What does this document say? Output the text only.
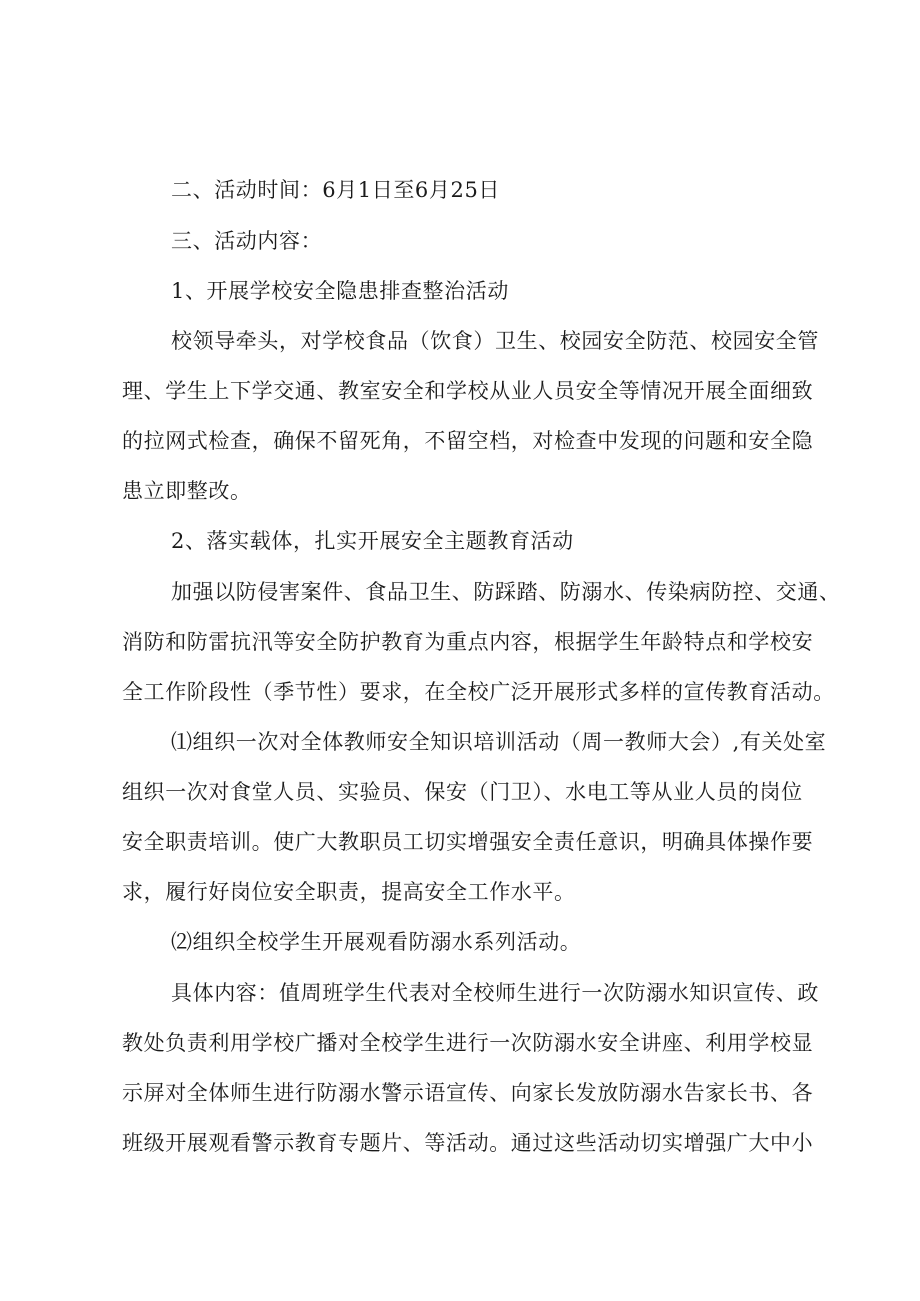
二、活动时间：6月1日至6月25日
三、活动内容：
1、开展学校安全隐患排查整治活动
校领导牵头，对学校食品（饮食）卫生、校园安全防范、校园安全管
理、学生上下学交通、教室安全和学校从业人员安全等情况开展全面细致
的拉网式检查，确保不留死角，不留空档，对检查中发现的问题和安全隐
患立即整改。
2、落实载体，扎实开展安全主题教育活动
加强以防侵害案件、食品卫生、防踩踏、防溺水、传染病防控、交通、
消防和防雷抗汛等安全防护教育为重点内容，根据学生年龄特点和学校安
全工作阶段性（季节性）要求，在全校广泛开展形式多样的宣传教育活动。
⑴组织一次对全体教师安全知识培训活动（周一教师大会）,有关处室
组织一次对食堂人员、实验员、保安（门卫）、水电工等从业人员的岗位
安全职责培训。使广大教职员工切实增强安全责任意识，明确具体操作要
求，履行好岗位安全职责，提高安全工作水平。
⑵组织全校学生开展观看防溺水系列活动。
具体内容：值周班学生代表对全校师生进行一次防溺水知识宣传、政
教处负责利用学校广播对全校学生进行一次防溺水安全讲座、利用学校显
示屏对全体师生进行防溺水警示语宣传、向家长发放防溺水告家长书、各
班级开展观看警示教育专题片、等活动。通过这些活动切实增强广大中小
